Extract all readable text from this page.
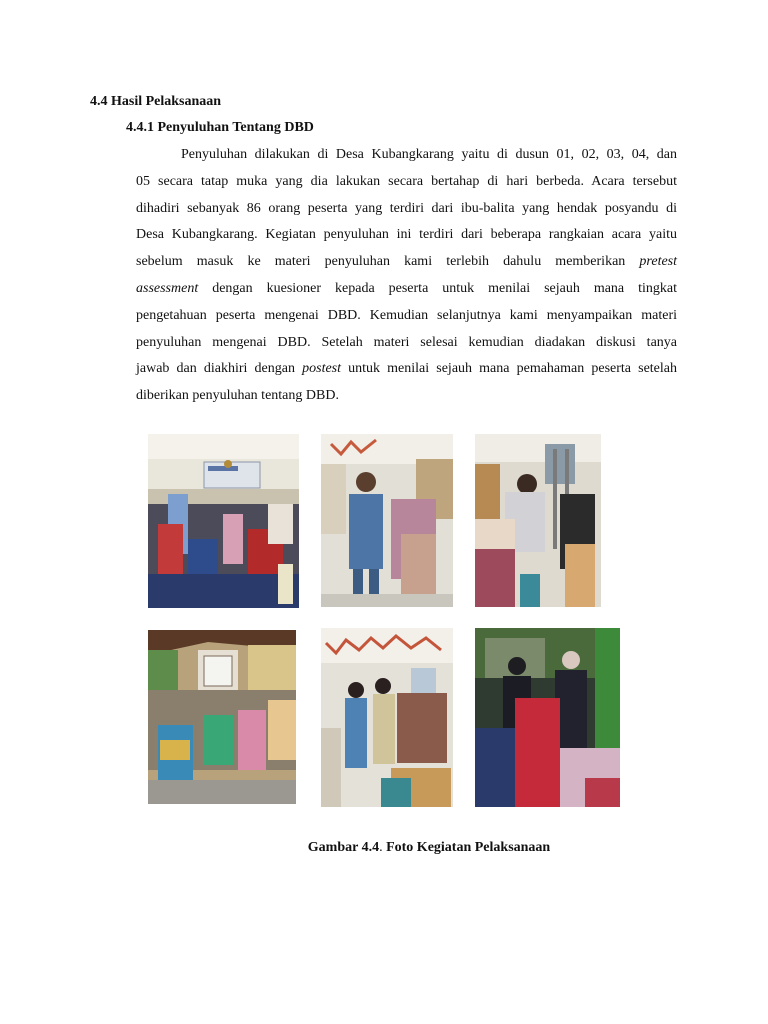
4.4 Hasil Pelaksanaan
4.4.1 Penyuluhan Tentang DBD
Penyuluhan dilakukan di Desa Kubangkarang yaitu di dusun 01, 02, 03, 04, dan
05 secara tatap muka yang dia lakukan secara bertahap di hari berbeda. Acara tersebut
dihadiri sebanyak 86 orang peserta yang terdiri dari ibu-balita yang hendak posyandu di
Desa Kubangkarang. Kegiatan penyuluhan ini terdiri dari beberapa rangkaian acara yaitu
sebelum masuk ke materi penyuluhan kami terlebih dahulu memberikan pretest
assessment dengan kuesioner kepada peserta untuk menilai sejauh mana tingkat
pengetahuan peserta mengenai DBD. Kemudian selanjutnya kami menyampaikan materi
penyuluhan mengenai DBD. Setelah materi selesai kemudian diadakan diskusi tanya
jawab dan diakhiri dengan postest untuk menilai sejauh mana pemahaman peserta setelah
diberikan penyuluhan tentang DBD.

Gambar 4.4. Foto Kegiatan Pelaksanaan
